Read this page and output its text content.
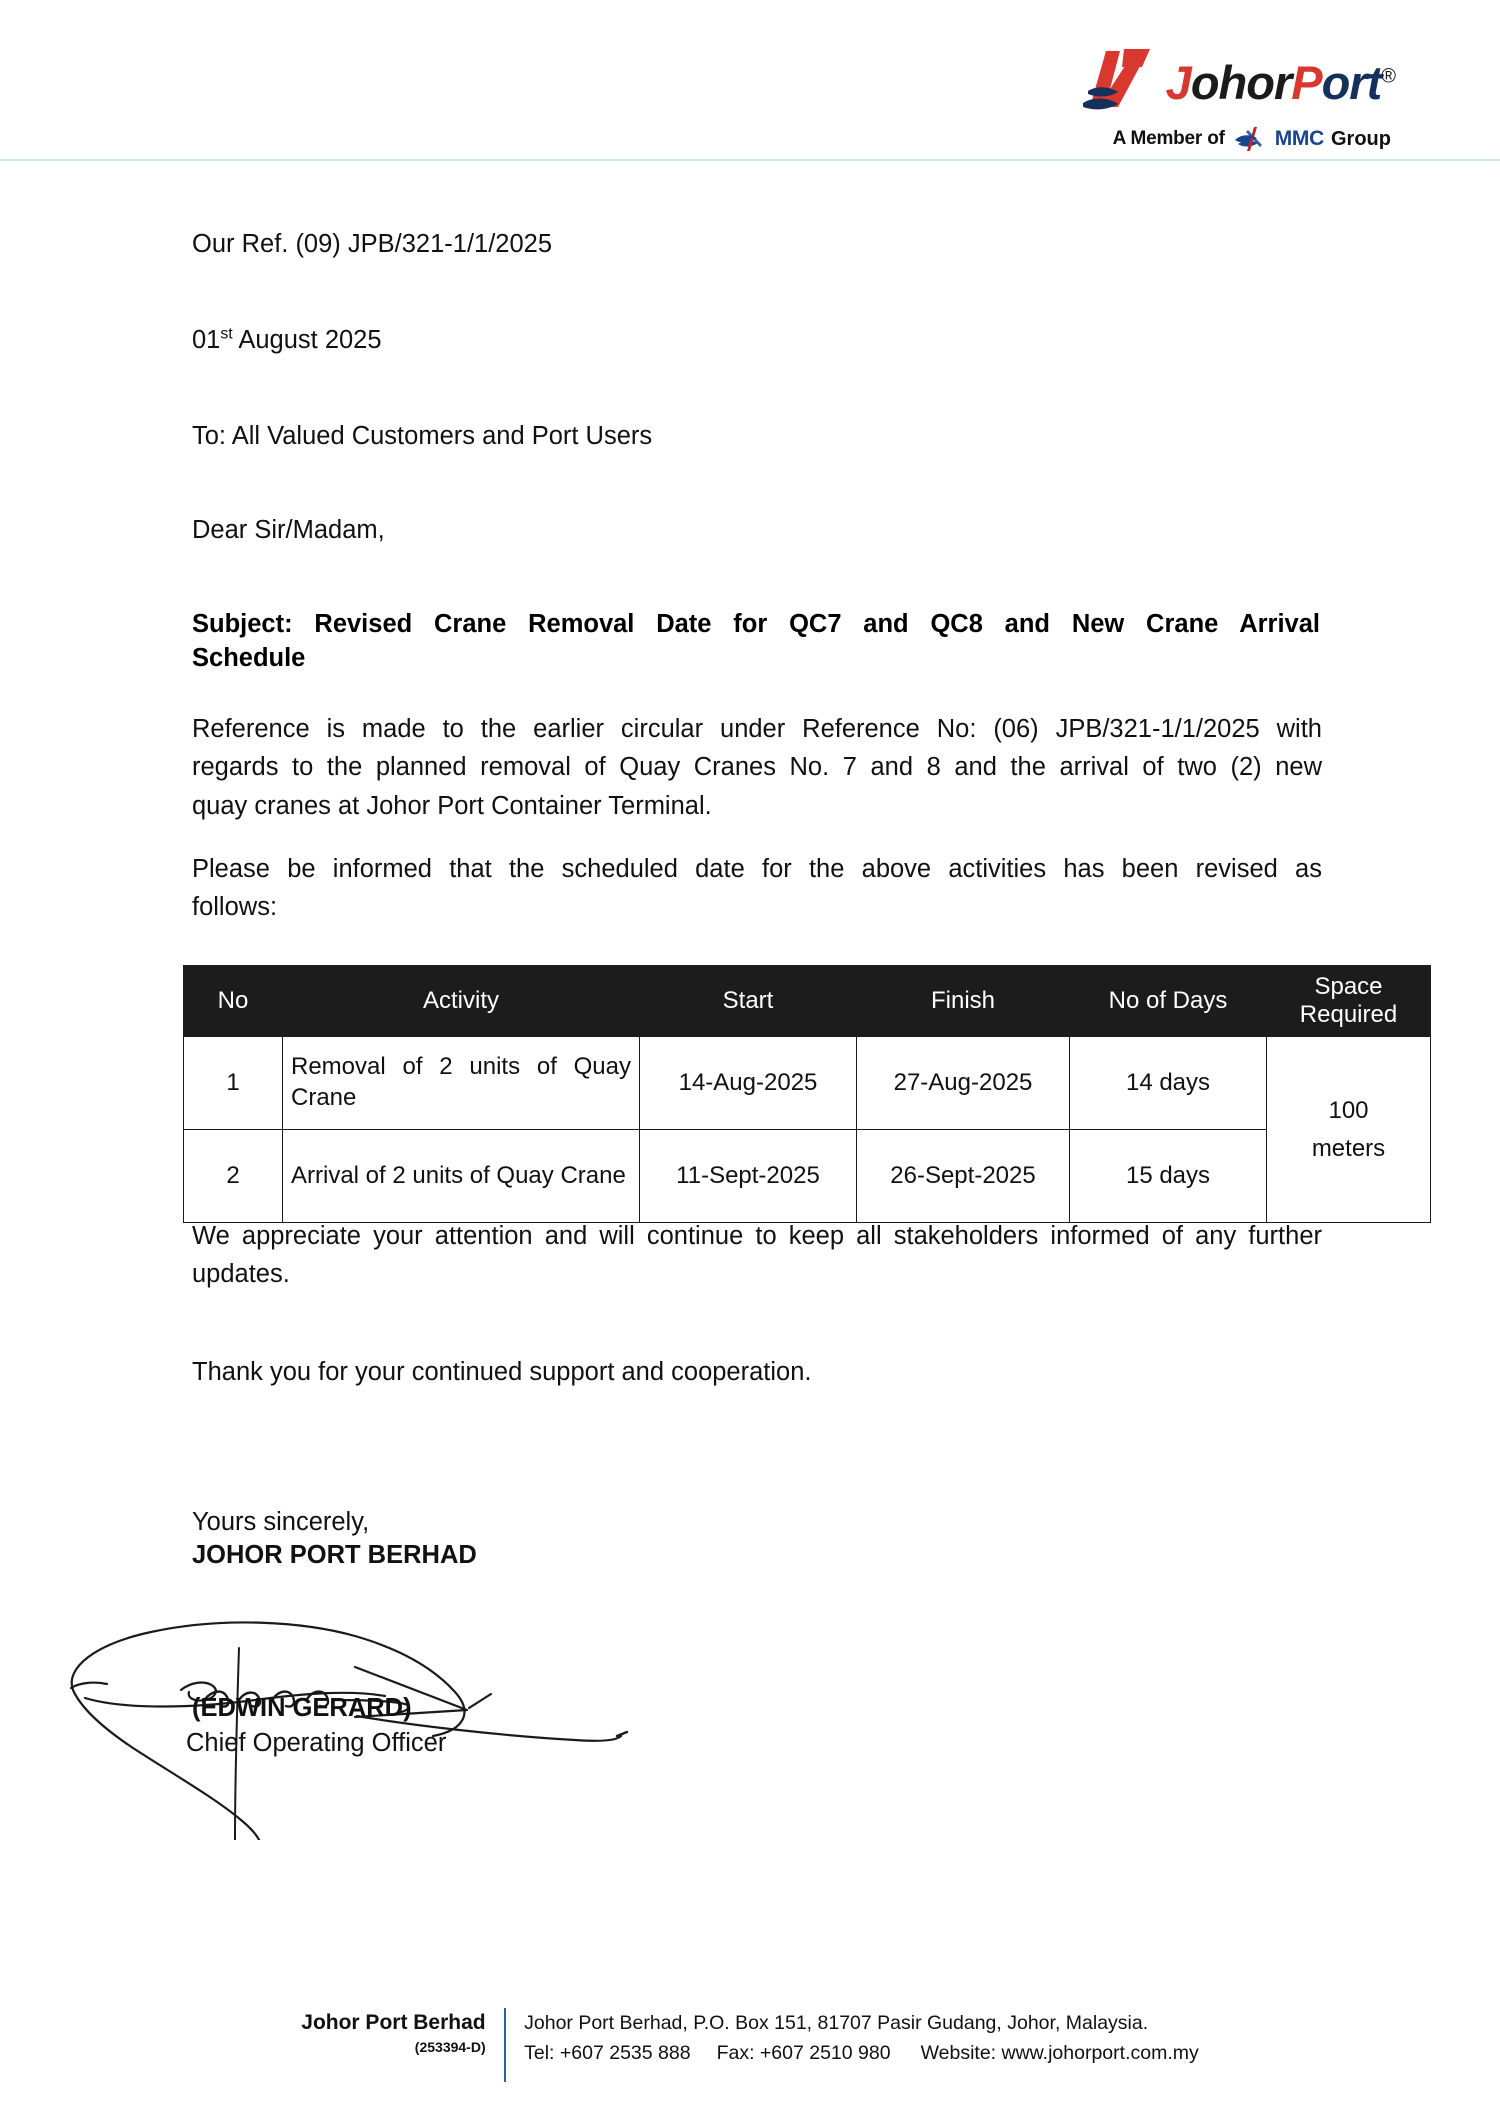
JohorPort®
A Member of MMC Group
Our Ref. (09) JPB/321-1/1/2025
01st August 2025
To: All Valued Customers and Port Users
Dear Sir/Madam,
Subject: Revised Crane Removal Date for QC7 and QC8 and New Crane Arrival
Schedule
Reference is made to the earlier circular under Reference No: (06) JPB/321-1/1/2025 with
regards to the planned removal of Quay Cranes No. 7 and 8 and the arrival of two (2) new
quay cranes at Johor Port Container Terminal.
Please be informed that the scheduled date for the above activities has been revised as
follows:
We appreciate your attention and will continue to keep all stakeholders informed of any further
updates.
Thank you for your continued support and cooperation.
No	Activity	Start	Finish	No of Days	Space
Required

1	Removal of 2 units of Quay Crane	14-Aug-2025	27-Aug-2025	14 days	100
meters

2	Arrival of 2 units of Quay Crane	11-Sept-2025	26-Sept-2025	15 days	
Yours sincerely,
JOHOR PORT BERHAD
(EDWIN GERARD)
Chief Operating Officer
Johor Port Berhad
(253394-D)
Johor Port Berhad, P.O. Box 151, 81707 Pasir Gudang, Johor, Malaysia.
Tel: +607 2535 888 Fax: +607 2510 980 Website: www.johorport.com.my
